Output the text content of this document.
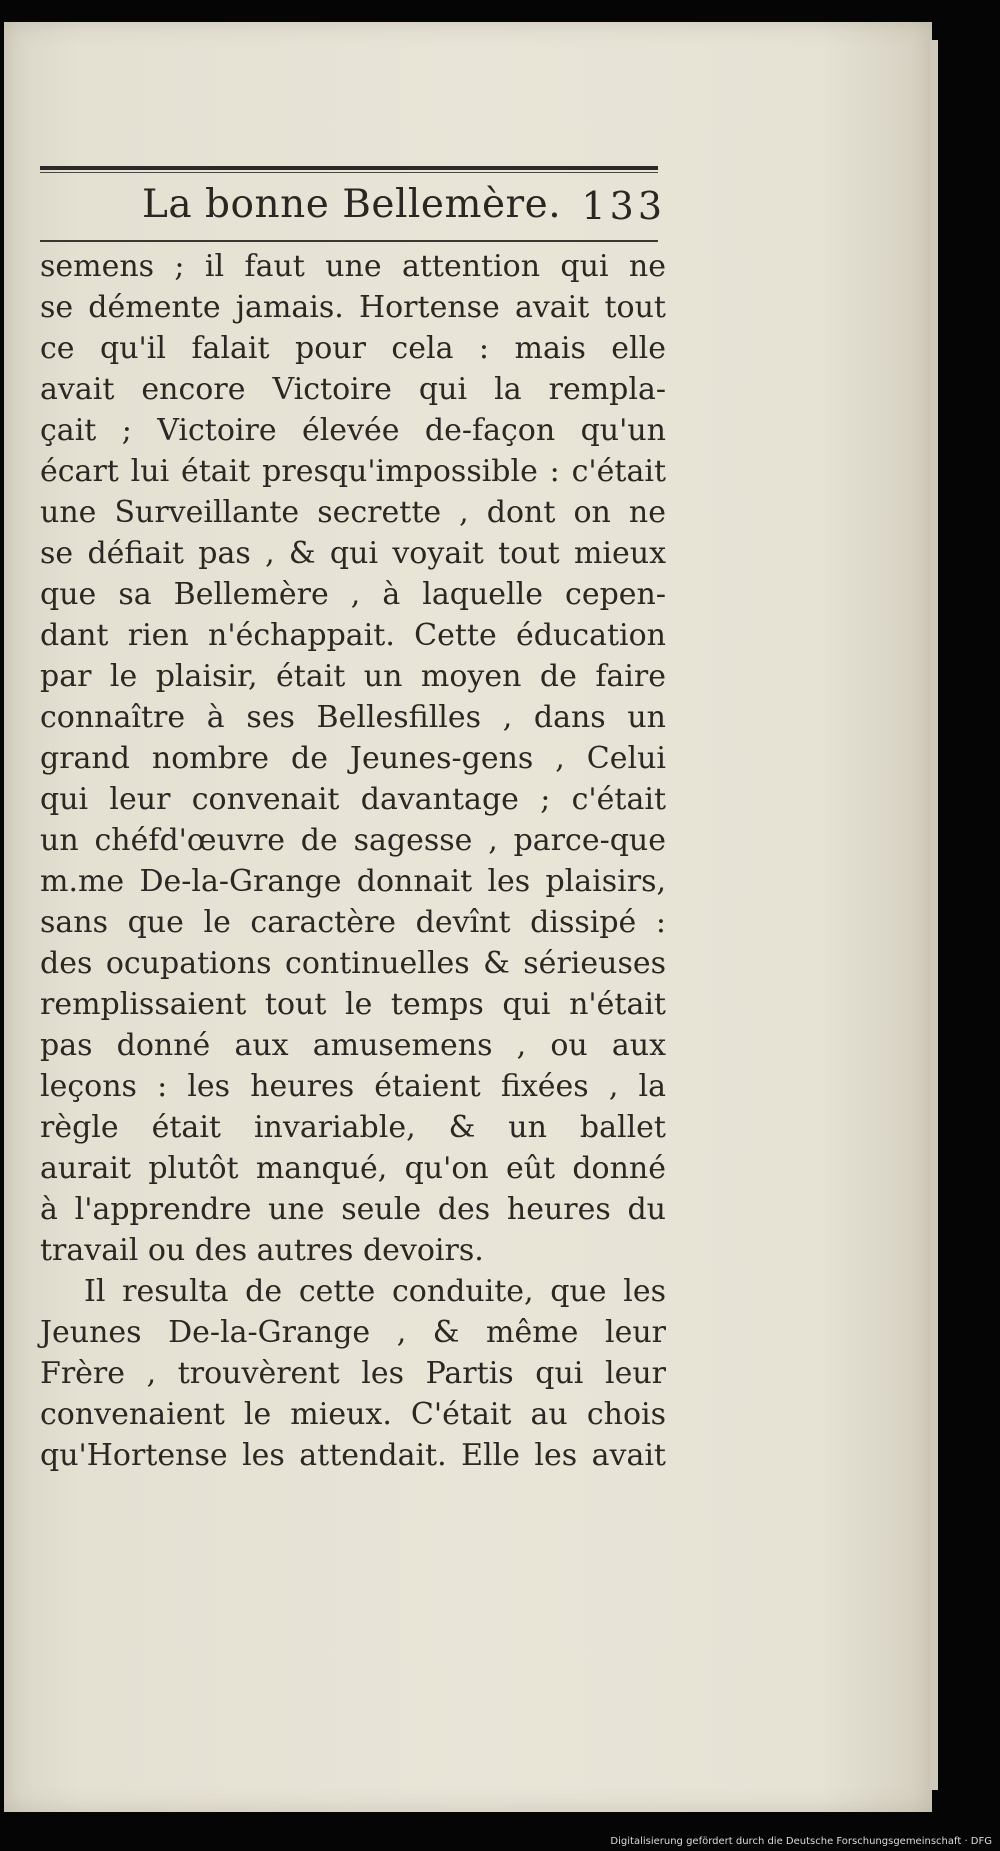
La bonne Bellemère. 133
semens ; il faut une attention qui ne
se démente jamais. Hortense avait tout
ce qu'il falait pour cela : mais elle
avait encore Victoire qui la rempla-
çait ; Victoire élevée de-façon qu'un
écart lui était presqu'impossible : c'était
une Surveillante secrette , dont on ne
se défiait pas , & qui voyait tout mieux
que sa Bellemère , à laquelle cepen-
dant rien n'échappait. Cette éducation
par le plaisir, était un moyen de faire
connaître à ses Bellesfilles , dans un
grand nombre de Jeunes-gens , Celui
qui leur convenait davantage ; c'était
un chéfd'œuvre de sagesse , parce-que
m.me De-la-Grange donnait les plaisirs,
sans que le caractère devînt dissipé :
des ocupations continuelles & sérieuses
remplissaient tout le temps qui n'était
pas donné aux amusemens , ou aux
leçons : les heures étaient fixées , la
règle était invariable, & un ballet
aurait plutôt manqué, qu'on eût donné
à l'apprendre une seule des heures du
travail ou des autres devoirs.
Il resulta de cette conduite, que les
Jeunes De-la-Grange , & même leur
Frère , trouvèrent les Partis qui leur
convenaient le mieux. C'était au chois
qu'Hortense les attendait. Elle les avait
Digitalisierung gefördert durch die Deutsche Forschungsgemeinschaft · DFG
